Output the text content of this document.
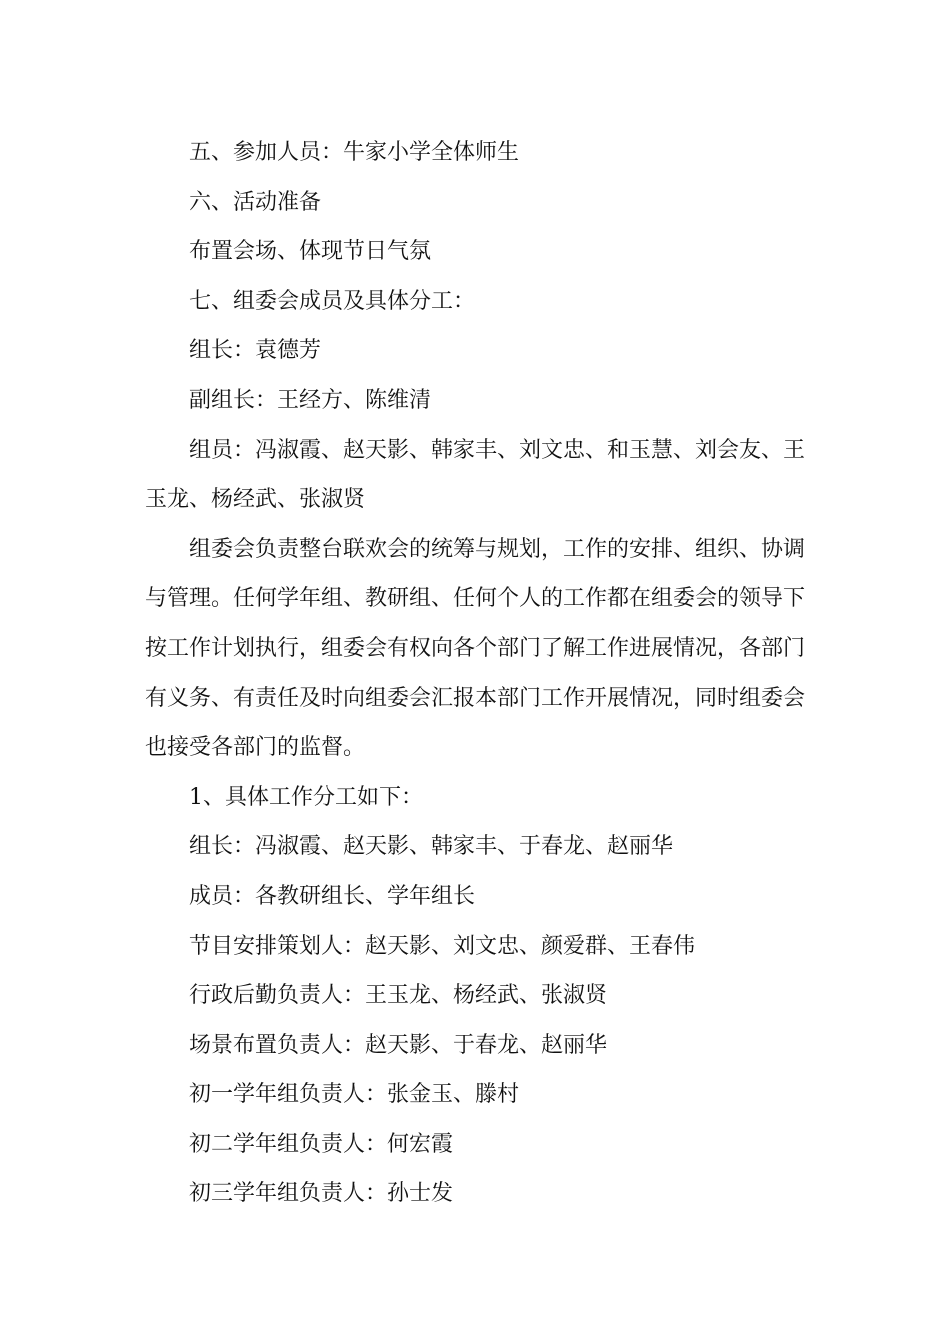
五、参加人员：牛家小学全体师生

六、活动准备

布置会场、体现节日气氛

七、组委会成员及具体分工：

组长：袁德芳

副组长：王经方、陈维清

组员：冯淑霞、赵天影、韩家丰、刘文忠、和玉慧、刘会友、王玉龙、杨经武、张淑贤

组委会负责整台联欢会的统筹与规划，工作的安排、组织、协调与管理。任何学年组、教研组、任何个人的工作都在组委会的领导下按工作计划执行，组委会有权向各个部门了解工作进展情况，各部门有义务、有责任及时向组委会汇报本部门工作开展情况，同时组委会也接受各部门的监督。

1、具体工作分工如下：

组长：冯淑霞、赵天影、韩家丰、于春龙、赵丽华

成员：各教研组长、学年组长

节目安排策划人：赵天影、刘文忠、颜爱群、王春伟

行政后勤负责人：王玉龙、杨经武、张淑贤

场景布置负责人：赵天影、于春龙、赵丽华

初一学年组负责人：张金玉、滕村

初二学年组负责人：何宏霞

初三学年组负责人：孙士发
